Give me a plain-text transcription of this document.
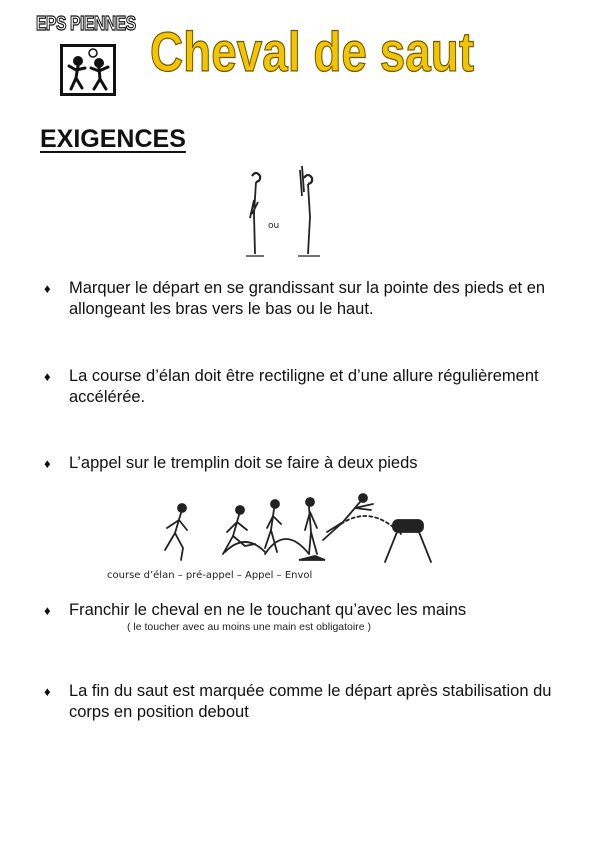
EPS PIENNES Cheval de saut
EXIGENCES
ou
♦	Marquer le départ en se grandissant sur la pointe des pieds et en allongeant les bras vers le bas ou le haut.
♦	La course d’élan doit être rectiligne et d’une allure régulièrement accélérée.
♦	L’appel sur le tremplin doit se faire à deux pieds
course d’élan – pré-appel – Appel – Envol
♦	Franchir le cheval en ne le touchant qu’avec les mains
( le toucher avec au moins une main est obligatoire )
♦	La fin du saut est marquée comme le départ après stabilisation du corps en position debout
